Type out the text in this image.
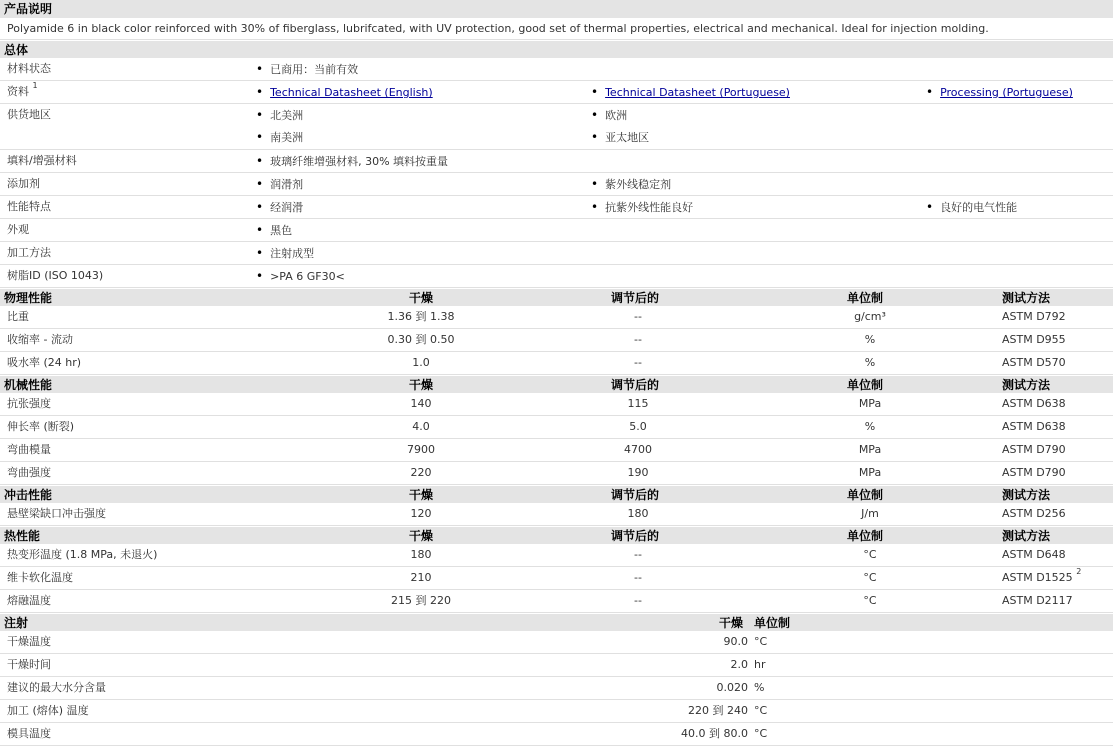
产品说明
Polyamide 6 in black color reinforced with 30% of fiberglass, lubrifcated, with UV protection, good set of thermal properties, electrical and mechanical. Ideal for injection molding.
总体
材料状态	• 已商用：当前有效
资料 $^1$
• Technical Datasheet (English)	• Technical Datasheet (Portuguese)	• Processing (Portuguese)
供货地区	• 北美洲	• 欧洲
• 南美洲	• 亚太地区
填料/增强材料	• 玻璃纤维增强材料, 30% 填料按重量
添加剂	• 润滑剂	• 紫外线稳定剂
性能特点	• 经润滑	• 抗紫外线性能良好	• 良好的电气性能
外观	• 黑色
加工方法	• 注射成型
树脂ID (ISO 1043)	• >PA 6 GF30<
物理性能	干燥	调节后的	单位制	测试方法
比重	1.36 到 1.38	--	g/cm³	ASTM D792
收缩率 - 流动	0.30 到 0.50	--	%	ASTM D955
吸水率 (24 hr)	1.0	--	%	ASTM D570
机械性能	干燥	调节后的	单位制	测试方法
抗张强度	140	115	MPa	ASTM D638
伸长率 (断裂)	4.0	5.0	%	ASTM D638
弯曲模量	7900	4700	MPa	ASTM D790
弯曲强度	220	190	MPa	ASTM D790
冲击性能	干燥	调节后的	单位制	测试方法
悬壁梁缺口冲击强度	120	180	J/m	ASTM D256
热性能	干燥	调节后的	单位制	测试方法
热变形温度 (1.8 MPa, 未退火)	180	--	°C	ASTM D648
维卡软化温度	210	--	°C	ASTM D1525 $^2$
熔融温度	215 到 220	--	°C	ASTM D2117
注射	干燥 单位制
干燥温度	90.0 °C
干燥时间	2.0 hr
建议的最大水分含量	0.020 %
加工 (熔体) 温度	220 到 240 °C
模具温度	40.0 到 80.0 °C
